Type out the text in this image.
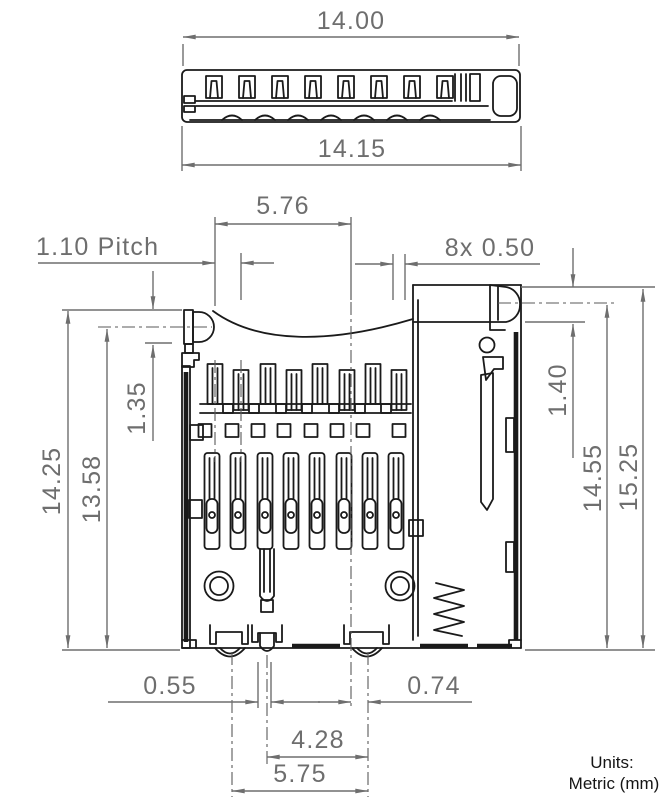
14.00
14.15
5.76
1.10 Pitch	8x 0.50
1.35
14.25 13.58
1.40
14.55 15.25
0.55	0.74
4.28
5.75	Units:
Metric (mm)
